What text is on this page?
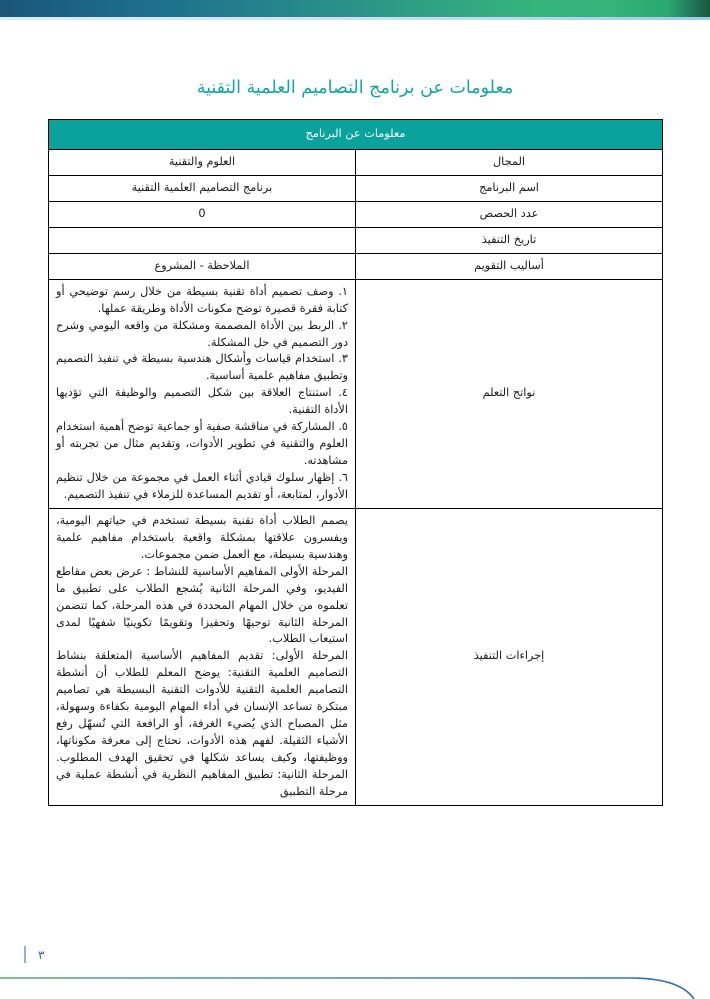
معلومات عن برنامج التصاميم العلمية التقنية
معلومات عن البرنامج	
المجال	العلوم والتقنية
اسم البرنامج	برنامج التصاميم العلمية التقنية
عدد الحصص	0
تاريخ التنفيذ	
أساليب التقويم	الملاحظة - المشروع
نواتج التعلم	

١. وصف تصميم أداة تقنية بسيطة من خلال رسم توضيحي أو كتابة فقرة قصيرة توضح مكونات الأداة وطريقة عملها.

٢. الربط بين الأداة المصممة ومشكلة من واقعه اليومي وشرح دور التصميم في حل المشكلة.

٣. استخدام قياسات وأشكال هندسية بسيطة في تنفيذ التصميم وتطبيق مفاهيم علمية أساسية.

٤. استنتاج العلاقة بين شكل التصميم والوظيفة التي تؤديها الأداة التقنية.

٥. المشاركة في مناقشة صفية أو جماعية توضح أهمية استخدام العلوم والتقنية في تطوير الأدوات، وتقديم مثال من تجربته أو مشاهدته.

٦. إظهار سلوك قيادي أثناء العمل في مجموعة من خلال تنظيم الأدوار، لمتابعة، أو تقديم المساعدة للزملاء في تنفيذ التصميم.

إجراءات التنفيذ	يصمم الطلاب أداة تقنية بسيطة تستخدم في حياتهم اليومية، ويفسرون علاقتها بمشكلة واقعية باستخدام مفاهيم علمية وهندسية بسيطة، مع العمل ضمن مجموعات.

المرحلة الأولى المفاهيم الأساسية للنشاط : عرض بعض مقاطع الفيديو، وفي المرحلة الثانية يُشجع الطلاب على تطبيق ما تعلموه من خلال المهام المحددة في هذه المرحلة، كما تتضمن المرحلة الثانية توجيهًا وتحفيزا وتقويمًا تكوينيًا شفهيًا لمدى استيعاب الطلاب.

المرحلة الأولى: تقديم المفاهيم الأساسية المتعلقة بنشاط التصاميم العلمية التقنية: يوضح المعلم للطلاب أن أنشطة التصاميم العلمية التقنية للأدوات التقنية البسيطة هي تصاميم مبتكرة تساعد الإنسان في أداء المهام اليومية بكفاءة وسهولة، مثل المصباح الذي يُضيء الغرفة، أو الرافعة التي تُسهّل رفع الأشياء الثقيلة. لفهم هذه الأدوات، نحتاج إلى معرفة مكوناتها، ووظيفتها، وكيف يساعد شكلها في تحقيق الهدف المطلوب. المرحلة الثانية: تطبيق المفاهيم النظرية في أنشطة عملية في مرحلة التطبيق

٣
